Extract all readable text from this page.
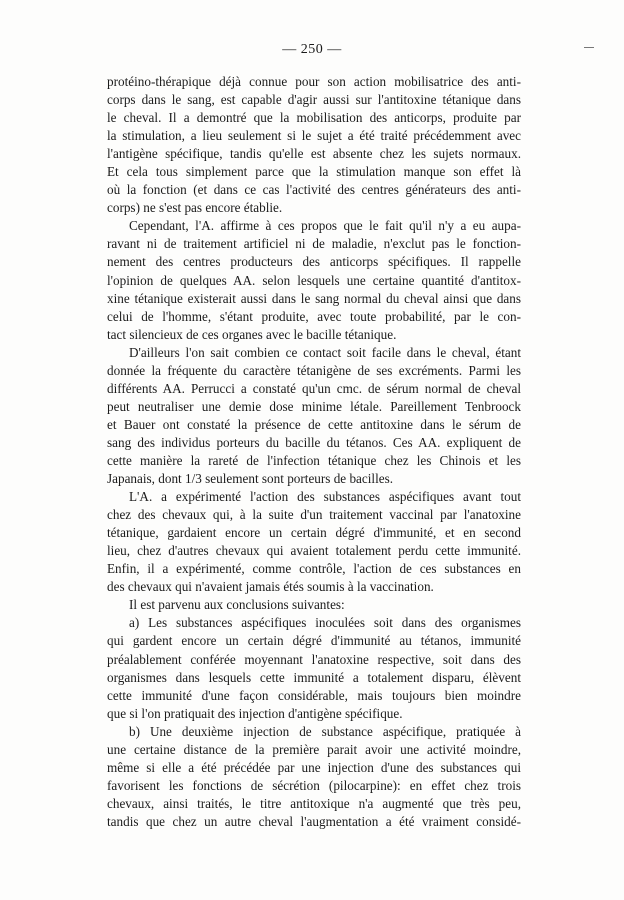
— 250 —
protéino-thérapique déjà connue pour son action mobilisatrice des anti-
corps dans le sang, est capable d'agir aussi sur l'antitoxine tétanique dans
le cheval. Il a demontré que la mobilisation des anticorps, produite par
la stimulation, a lieu seulement si le sujet a été traité précédemment avec
l'antigène spécifique, tandis qu'elle est absente chez les sujets normaux.
Et cela tous simplement parce que la stimulation manque son effet là
où la fonction (et dans ce cas l'activité des centres générateurs des anti-
corps) ne s'est pas encore établie.
Cependant, l'A. affirme à ces propos que le fait qu'il n'y a eu aupa-
ravant ni de traitement artificiel ni de maladie, n'exclut pas le fonction-
nement des centres producteurs des anticorps spécifiques. Il rappelle
l'opinion de quelques AA. selon lesquels une certaine quantité d'antitox-
xine tétanique existerait aussi dans le sang normal du cheval ainsi que dans
celui de l'homme, s'étant produite, avec toute probabilité, par le con-
tact silencieux de ces organes avec le bacille tétanique.
D'ailleurs l'on sait combien ce contact soit facile dans le cheval, étant
donnée la fréquente du caractère tétanigène de ses excréments. Parmi les
différents AA. Perrucci a constaté qu'un cmc. de sérum normal de cheval
peut neutraliser une demie dose minime létale. Pareillement Tenbroock
et Bauer ont constaté la présence de cette antitoxine dans le sérum de
sang des individus porteurs du bacille du tétanos. Ces AA. expliquent de
cette manière la rareté de l'infection tétanique chez les Chinois et les
Japanais, dont 1/3 seulement sont porteurs de bacilles.
L'A. a expérimenté l'action des substances aspécifiques avant tout
chez des chevaux qui, à la suite d'un traitement vaccinal par l'anatoxine
tétanique, gardaient encore un certain dégré d'immunité, et en second
lieu, chez d'autres chevaux qui avaient totalement perdu cette immunité.
Enfin, il a expérimenté, comme contrôle, l'action de ces substances en
des chevaux qui n'avaient jamais étés soumis à la vaccination.
Il est parvenu aux conclusions suivantes:
a) Les substances aspécifiques inoculées soit dans des organismes
qui gardent encore un certain dégré d'immunité au tétanos, immunité
préalablement conférée moyennant l'anatoxine respective, soit dans des
organismes dans lesquels cette immunité a totalement disparu, élèvent
cette immunité d'une façon considérable, mais toujours bien moindre
que si l'on pratiquait des injection d'antigène spécifique.
b) Une deuxième injection de substance aspécifique, pratiquée à
une certaine distance de la première parait avoir une activité moindre,
même si elle a été précédée par une injection d'une des substances qui
favorisent les fonctions de sécrétion (pilocarpine): en effet chez trois
chevaux, ainsi traités, le titre antitoxique n'a augmenté que très peu,
tandis que chez un autre cheval l'augmentation a été vraiment considé-
